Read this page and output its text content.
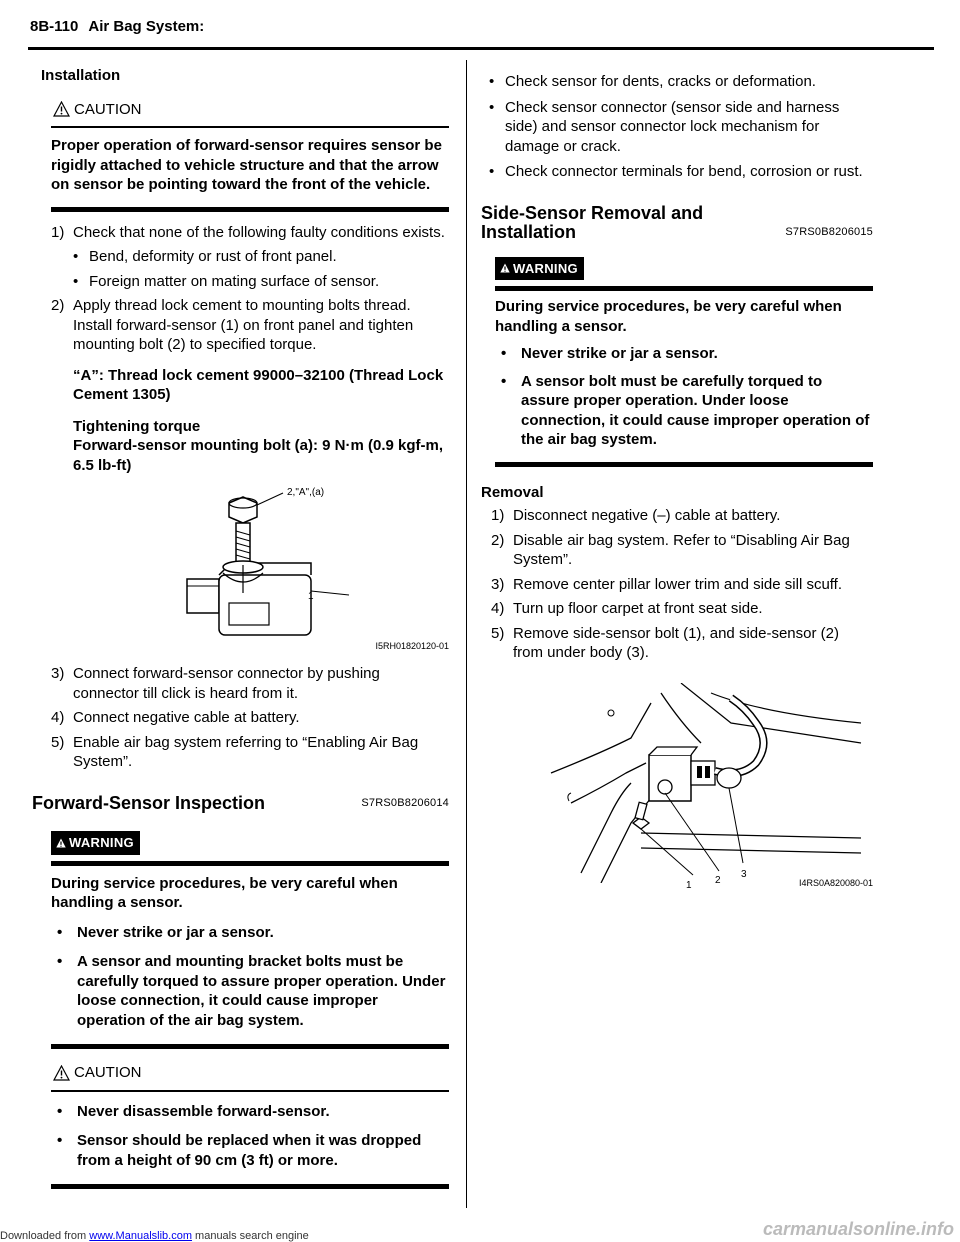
8B-110 Air Bag System:

Installation

CAUTION

Proper operation of forward-sensor requires sensor be rigidly attached to vehicle structure and that the arrow on sensor be pointing toward the front of the vehicle.

1) Check that none of the following faulty conditions exists.
• Bend, deformity or rust of front panel.
• Foreign matter on mating surface of sensor.
2) Apply thread lock cement to mounting bolts thread. Install forward-sensor (1) on front panel and tighten mounting bolt (2) to specified torque.

“A”: Thread lock cement 99000–32100 (Thread Lock Cement 1305)

Tightening torque

Forward-sensor mounting bolt (a): 9 N·m (0.9 kgf-m, 6.5 lb-ft)

2,"A",(a)
1
I5RH01820120-01
3) Connect forward-sensor connector by pushing connector till click is heard from it.
4) Connect negative cable at battery.
5) Enable air bag system referring to “Enabling Air Bag System”.
Forward-Sensor Inspection	S7RS0B8206014
WARNING

During service procedures, be very careful when handling a sensor.

• Never strike or jar a sensor.
• A sensor and mounting bracket bolts must be carefully torqued to assure proper operation. Under loose connection, it could cause improper operation of the air bag system.
CAUTION
• Never disassemble forward-sensor.
• Sensor should be replaced when it was dropped from a height of 90 cm (3 ft) or more.
• Check sensor for dents, cracks or deformation.
• Check sensor connector (sensor side and harness side) and sensor connector lock mechanism for damage or crack.
• Check connector terminals for bend, corrosion or rust.
Side-Sensor Removal and Installation	S7RS0B8206015
WARNING

During service procedures, be very careful when handling a sensor.

• Never strike or jar a sensor.
• A sensor bolt must be carefully torqued to assure proper operation. Under loose connection, it could cause improper operation of the air bag system.

Removal

1) Disconnect negative (–) cable at battery.
2) Disable air bag system. Refer to “Disabling Air Bag System”.
3) Remove center pillar lower trim and side sill scuff.
4) Turn up floor carpet at front seat side.
5) Remove side-sensor bolt (1), and side-sensor (2) from under body (3).
1 2
3
I4RS0A820080-01
Downloaded from www.Manualslib.com manuals search engine	carmanualsonline.info
